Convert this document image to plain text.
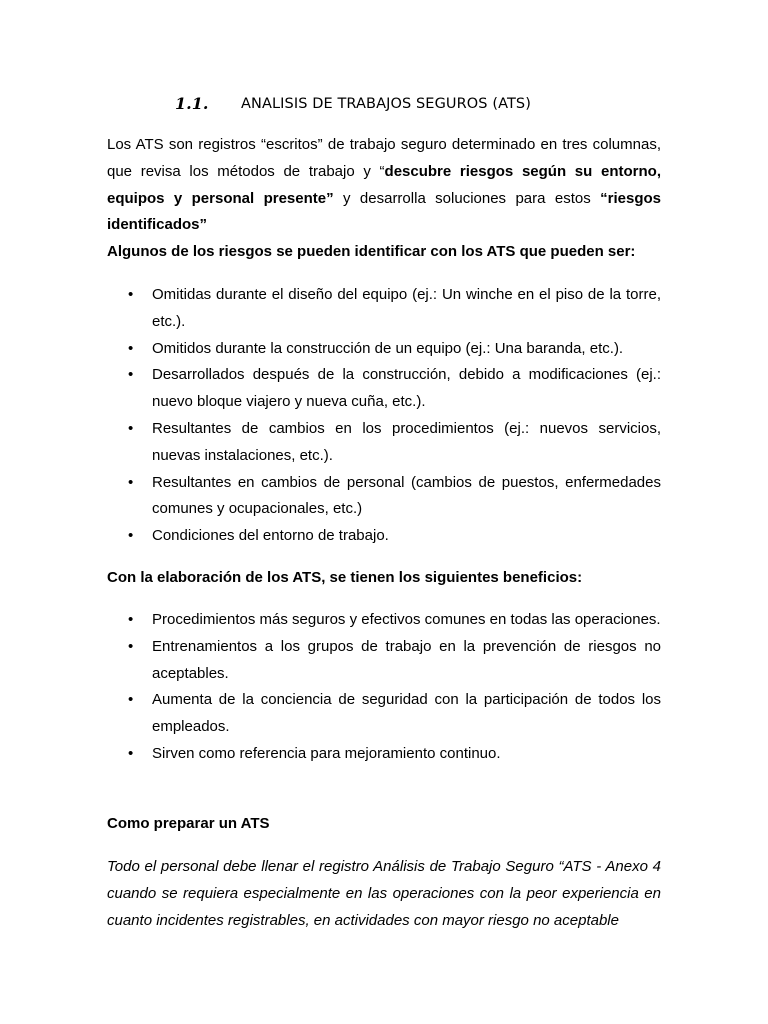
1.1. ANALISIS DE TRABAJOS SEGUROS (ATS)
Los ATS son registros “escritos” de trabajo seguro determinado en tres columnas, que revisa los métodos de trabajo y “descubre riesgos según su entorno, equipos y personal presente” y desarrolla soluciones para estos “riesgos identificados”
Algunos de los riesgos se pueden identificar con los ATS que pueden ser:
• Omitidas durante el diseño del equipo (ej.: Un winche en el piso de la torre, etc.).
• Omitidos durante la construcción de un equipo (ej.: Una baranda, etc.).
• Desarrollados después de la construcción, debido a modificaciones (ej.: nuevo bloque viajero y nueva cuña, etc.).
• Resultantes de cambios en los procedimientos (ej.: nuevos servicios, nuevas instalaciones, etc.).
• Resultantes en cambios de personal (cambios de puestos, enfermedades comunes y ocupacionales, etc.)
• Condiciones del entorno de trabajo.
Con la elaboración de los ATS, se tienen los siguientes beneficios:
• Procedimientos más seguros y efectivos comunes en todas las operaciones.
• Entrenamientos a los grupos de trabajo en la prevención de riesgos no aceptables.
• Aumenta de la conciencia de seguridad con la participación de todos los empleados.
• Sirven como referencia para mejoramiento continuo.
Como preparar un ATS
Todo el personal debe llenar el registro Análisis de Trabajo Seguro “ATS - Anexo 4 cuando se requiera especialmente en las operaciones con la peor experiencia en cuanto incidentes registrables, en actividades con mayor riesgo no aceptable
